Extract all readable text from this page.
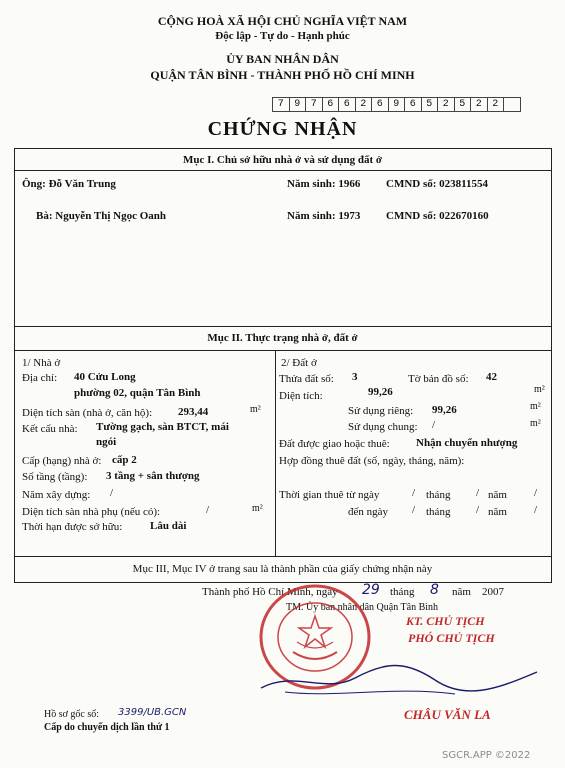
CỘNG HOÀ XÃ HỘI CHỦ NGHĨA VIỆT NAM
Độc lập - Tự do - Hạnh phúc
ỦY BAN NHÂN DÂN
QUẬN TÂN BÌNH - THÀNH PHỐ HỒ CHÍ MINH
7	9	7	6	6	2	6	9	6	5	2	5	2	2
CHỨNG NHẬN
Mục I. Chủ sở hữu nhà ở và sử dụng đất ở
Ông: Đỗ Văn Trung	Năm sinh: 1966 CMND số: 023811554
Bà: Nguyễn Thị Ngọc Oanh	Năm sinh: 1973 CMND số: 022670160
Mục II. Thực trạng nhà ở, đất ở
1/ Nhà ở
Địa chỉ: 40 Cửu Long
phường 02, quận Tân Bình
Diện tích sàn (nhà ở, căn hộ): 293,44	m²
Kết cấu nhà: Tường gạch, sàn BTCT, mái
ngói
Cấp (hạng) nhà ở: cấp 2
Số tầng (tầng): 3 tầng + sân thượng
Năm xây dựng: /
Diện tích sàn nhà phụ (nếu có):	/	m²
Thời hạn được sở hữu:	Lâu dài
2/ Đất ở
Thửa đất số: 3	Tờ bản đồ số: 42
Diện tích:	99,26	m²
Sử dụng riêng: 99,26	m²
Sử dụng chung: /	m²
Đất được giao hoặc thuê: Nhận chuyển nhượng
Hợp đồng thuê đất (số, ngày, tháng, năm):
Thời gian thuê từ ngày	/ tháng / năm /
đến ngày / tháng / năm /
Mục III, Mục IV ở trang sau là thành phần của giấy chứng nhận này
Thành phố Hồ Chí Minh, ngày 29 tháng 8 năm 2007
TM. Ủy ban nhân dân Quận Tân Bình
KT. CHỦ TỊCH
PHÓ CHỦ TỊCH
CHÂU VĂN LA
Hồ sơ gốc số: 3399/UB.GCN
Cấp do chuyển dịch lần thứ 1
SGCR.APP ©2022
